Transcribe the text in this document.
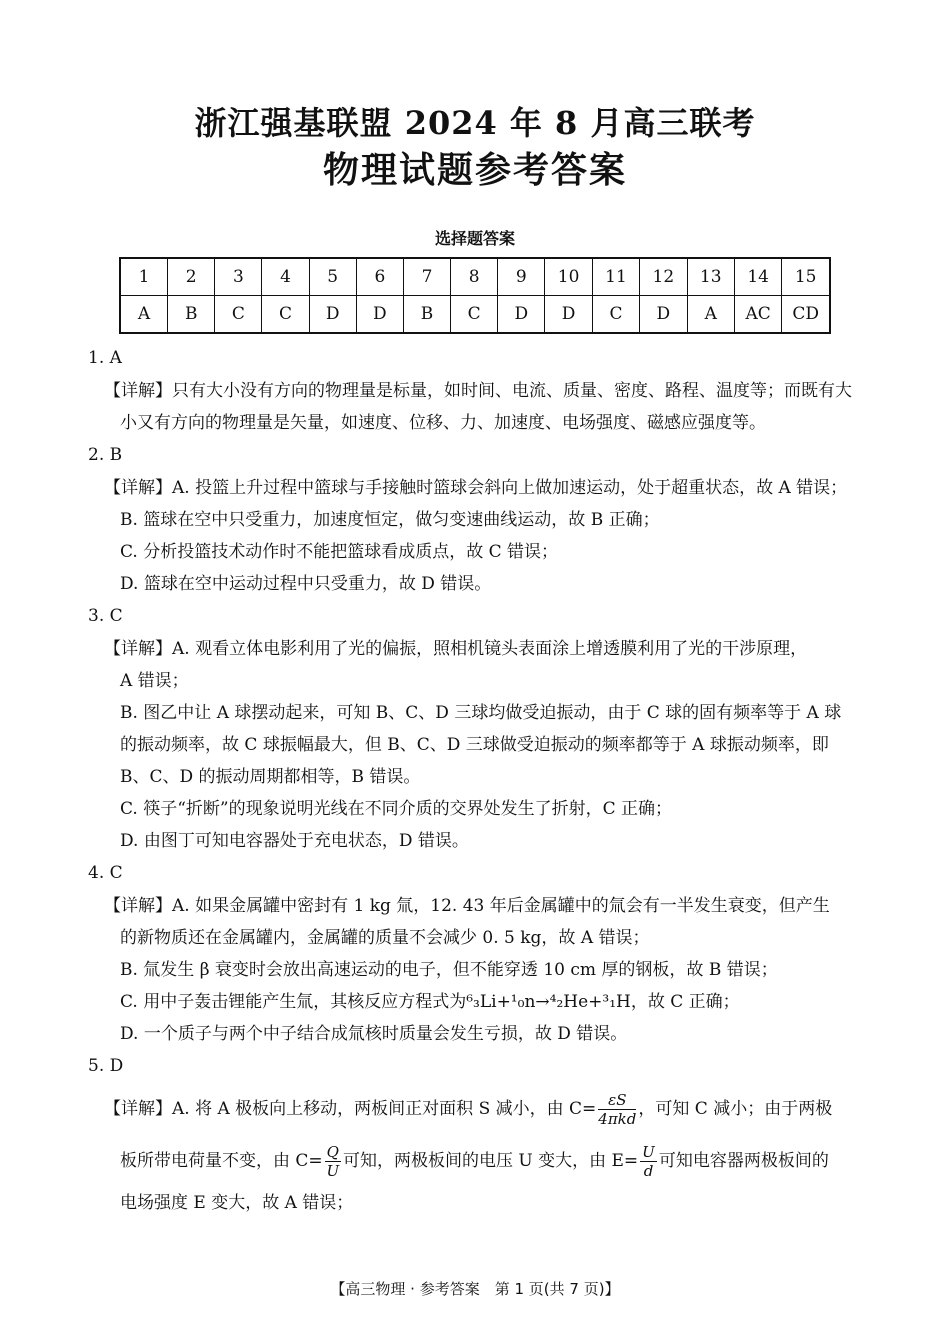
浙江强基联盟 2024 年 8 月高三联考
物理试题参考答案
选择题答案
1	2	3	4	5	6	7	8	9	10	11	12	13	14	15
A	B	C	C	D	D	B	C	D	D	C	D	A	AC	CD
1. A
【详解】只有大小没有方向的物理量是标量，如时间、电流、质量、密度、路程、温度等；而既有大
小又有方向的物理量是矢量，如速度、位移、力、加速度、电场强度、磁感应强度等。
2. B
【详解】A. 投篮上升过程中篮球与手接触时篮球会斜向上做加速运动，处于超重状态，故 A 错误；
B. 篮球在空中只受重力，加速度恒定，做匀变速曲线运动，故 B 正确；
C. 分析投篮技术动作时不能把篮球看成质点，故 C 错误；
D. 篮球在空中运动过程中只受重力，故 D 错误。
3. C
【详解】A. 观看立体电影利用了光的偏振，照相机镜头表面涂上增透膜利用了光的干涉原理，
A 错误；
B. 图乙中让 A 球摆动起来，可知 B、C、D 三球均做受迫振动，由于 C 球的固有频率等于 A 球
的振动频率，故 C 球振幅最大，但 B、C、D 三球做受迫振动的频率都等于 A 球振动频率，即
B、C、D 的振动周期都相等，B 错误。
C. 筷子“折断”的现象说明光线在不同介质的交界处发生了折射，C 正确；
D. 由图丁可知电容器处于充电状态，D 错误。
4. C
【详解】A. 如果金属罐中密封有 1 kg 氚，12. 43 年后金属罐中的氚会有一半发生衰变，但产生
的新物质还在金属罐内，金属罐的质量不会减少 0. 5 kg，故 A 错误；
B. 氚发生 β 衰变时会放出高速运动的电子，但不能穿透 10 cm 厚的钢板，故 B 错误；
C. 用中子轰击锂能产生氚，其核反应方程式为⁶₃Li+¹₀n→⁴₂He+³₁H，故 C 正确；
D. 一个质子与两个中子结合成氚核时质量会发生亏损，故 D 错误。
5. D
【详解】A. 将 A 极板向上移动，两板间正对面积 S 减小，由 $C= \frac{\varepsilon S}{\text{4πkd}}$ ，可知 C 减小；由于两极
板所带电荷量不变，由 $C= \frac{Q}{U}$ 可知，两极板间的电压 U 变大，由 $E= \frac{U}{d}$ 可知电容器两极板间的
电场强度 E 变大，故 A 错误；
【高三物理 · 参考答案　第 1 页(共 7 页)】
